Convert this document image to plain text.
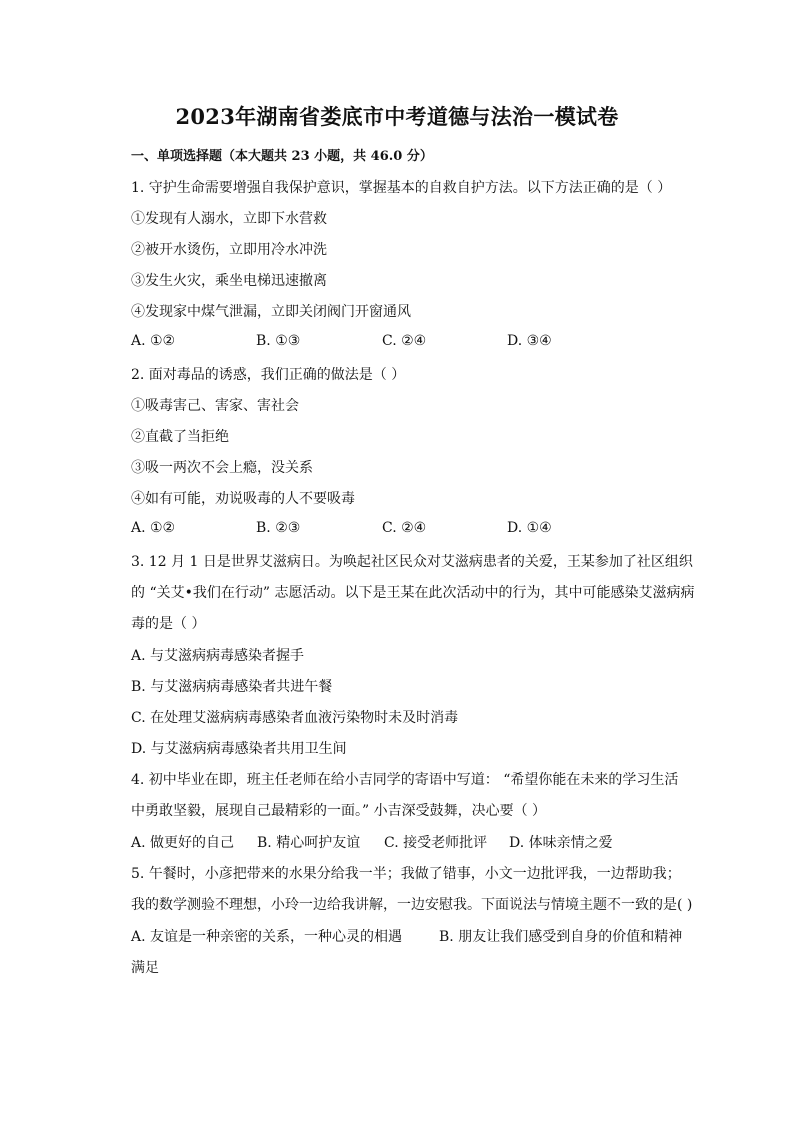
2023年湖南省娄底市中考道德与法治一模试卷
一、单项选择题（本大题共 23 小题，共 46.0 分）
1. 守护生命需要增强自我保护意识，掌握基本的自救自护方法。以下方法正确的是（ ）
①发现有人溺水，立即下水营救
②被开水烫伤，立即用冷水冲洗
③发生火灾，乘坐电梯迅速撤离
④发现家中煤气泄漏，立即关闭阀门开窗通风
A. ①②	B. ①③	C. ②④	D. ③④
2. 面对毒品的诱惑，我们正确的做法是（ ）
①吸毒害己、害家、害社会
②直截了当拒绝
③吸一两次不会上瘾，没关系
④如有可能，劝说吸毒的人不要吸毒
A. ①②	B. ②③	C. ②④	D. ①④
3. 12 月 1 日是世界艾滋病日。为唤起社区民众对艾滋病患者的关爱，王某参加了社区组织
的 “关艾•我们在行动” 志愿活动。以下是王某在此次活动中的行为，其中可能感染艾滋病病
毒的是（ ）
A. 与艾滋病病毒感染者握手
B. 与艾滋病病毒感染者共进午餐
C. 在处理艾滋病病毒感染者血液污染物时未及时消毒
D. 与艾滋病病毒感染者共用卫生间
4. 初中毕业在即，班主任老师在给小吉同学的寄语中写道： “希望你能在未来的学习生活
中勇敢坚毅，展现自己最精彩的一面。” 小吉深受鼓舞，决心要（ ）
A. 做更好的自己 B. 精心呵护友谊 C. 接受老师批评 D. 体味亲情之爱
5. 午餐时，小彦把带来的水果分给我一半；我做了错事，小文一边批评我，一边帮助我；
我的数学测验不理想，小玲一边给我讲解，一边安慰我。下面说法与情境主题不一致的是( )
A. 友谊是一种亲密的关系，一种心灵的相遇	B. 朋友让我们感受到自身的价值和精神
满足
